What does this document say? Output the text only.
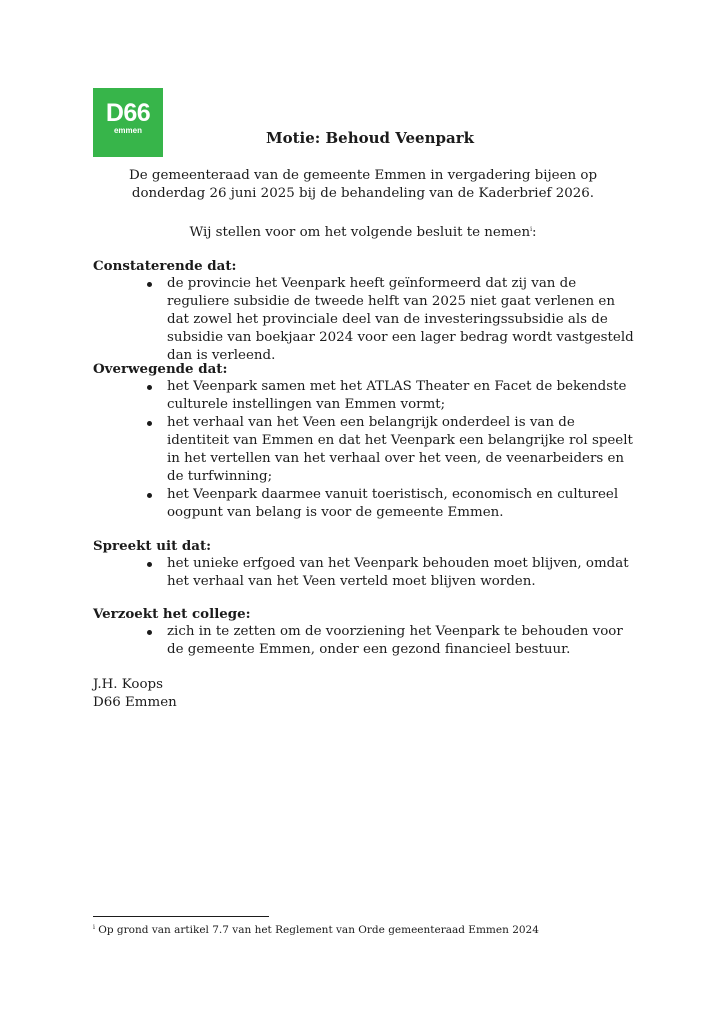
D66
emmen	Motie: Behoud Veenpark

De gemeenteraad van de gemeente Emmen in vergadering bijeen op donderdag 26 juni 2025 bij de behandeling van de Kaderbrief 2026.

Wij stellen voor om het volgende besluit te nemen$^i$:

Constaterende dat:
de provincie het Veenpark heeft geïnformeerd dat zij van de reguliere subsidie de tweede helft van 2025 niet gaat verlenen en dat zowel het provinciale deel van de investeringssubsidie als de subsidie van boekjaar 2024 voor een lager bedrag wordt vastgesteld dan is verleend.
Overwegende dat:
het Veenpark samen met het ATLAS Theater en Facet de bekendste culturele instellingen van Emmen vormt;
het verhaal van het Veen een belangrijk onderdeel is van de identiteit van Emmen en dat het Veenpark een belangrijke rol speelt in het vertellen van het verhaal over het veen, de veenarbeiders en de turfwinning;
het Veenpark daarmee vanuit toeristisch, economisch en cultureel oogpunt van belang is voor de gemeente Emmen.
Spreekt uit dat:
het unieke erfgoed van het Veenpark behouden moet blijven, omdat het verhaal van het Veen verteld moet blijven worden.
Verzoekt het college:
zich in te zetten om de voorziening het Veenpark te behouden voor de gemeente Emmen, onder een gezond financieel bestuur.
J.H. Koops
D66 Emmen
$^i$ Op grond van artikel 7.7 van het Reglement van Orde gemeenteraad Emmen 2024
